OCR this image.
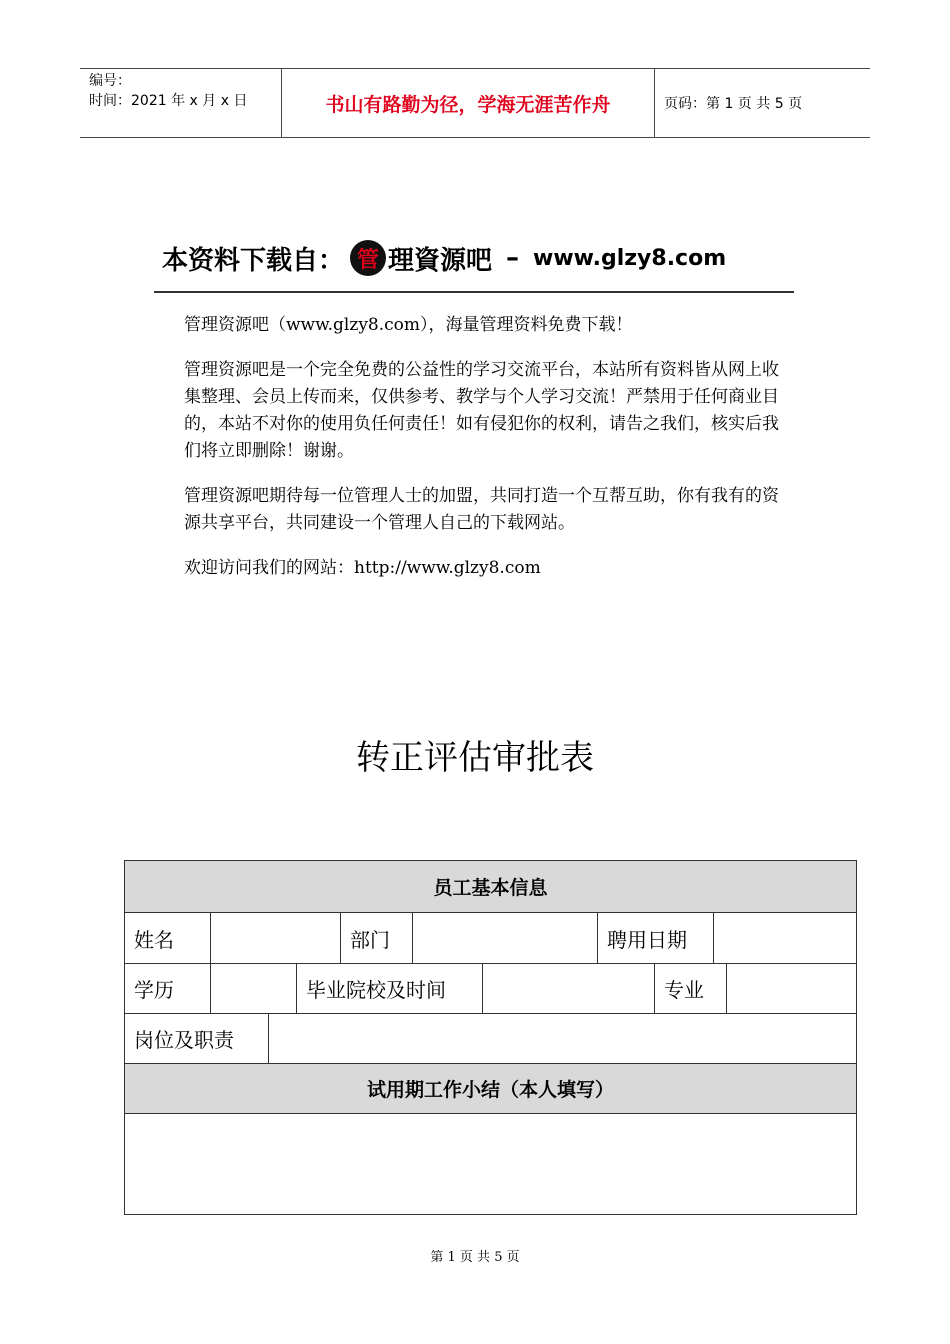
编号：
时间：2021 年 x 月 x 日	书山有路勤为径，学海无涯苦作舟	页码：第 1 页 共 5 页
本资料下载自： 管 理資源吧 – www.glzy8.com

管理资源吧（www.glzy8.com），海量管理资料免费下载！

管理资源吧是一个完全免费的公益性的学习交流平台，本站所有资料皆从网上收集整理、会员上传而来，仅供参考、教学与个人学习交流！严禁用于任何商业目的，本站不对你的使用负任何责任！如有侵犯你的权利，请告之我们，核实后我们将立即删除！谢谢。

管理资源吧期待每一位管理人士的加盟，共同打造一个互帮互助，你有我有的资源共享平台，共同建设一个管理人自己的下载网站。

欢迎访问我们的网站：http://www.glzy8.com

转正评估审批表
员工基本信息
姓名	部门	聘用日期
学历	毕业院校及时间	专业
岗位及职责
试用期工作小结（本人填写）
第 1 页 共 5 页
